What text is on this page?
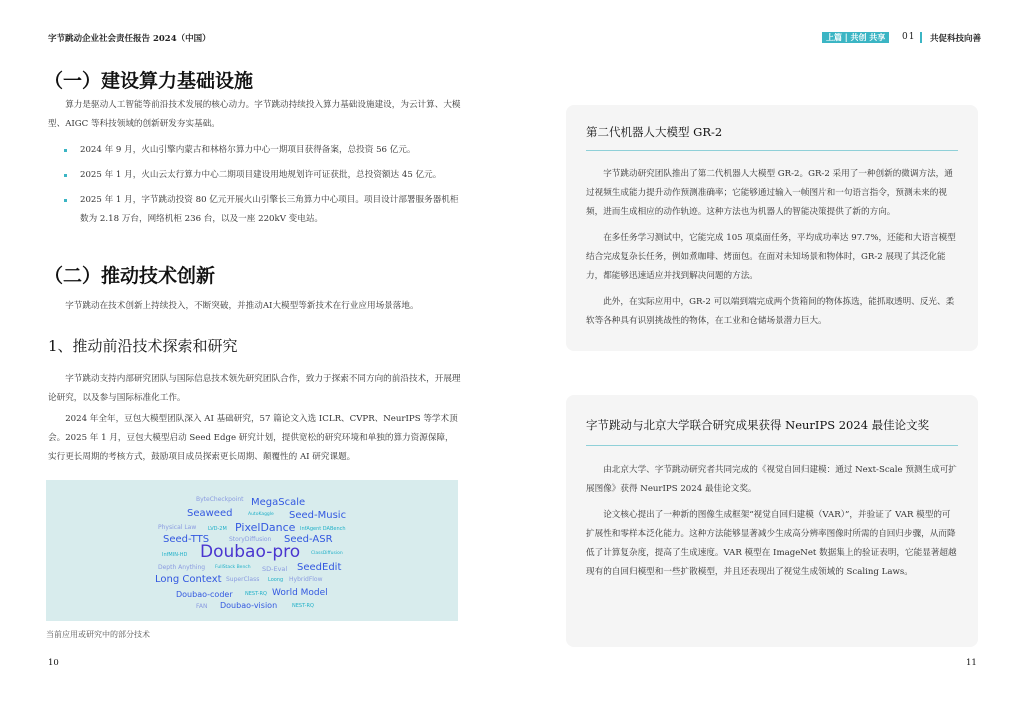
字节跳动企业社会责任报告 2024（中国）
（一）建设算力基础设施

算力是驱动人工智能等前沿技术发展的核心动力。字节跳动持续投入算力基础设施建设，为云计算、大模型、AIGC 等科技领域的创新研发夯实基础。

2024 年 9 月，火山引擎内蒙古和林格尔算力中心一期项目获得备案，总投资 56 亿元。

2025 年 1 月，火山云太行算力中心二期项目建设用地规划许可证获批，总投资额达 45 亿元。

2025 年 1 月，字节跳动投资 80 亿元开展火山引擎长三角算力中心项目。项目设计部署服务器机柜数为 2.18 万台，网络机柜 236 台，以及一座 220kV 变电站。

（二）推动技术创新

字节跳动在技术创新上持续投入，不断突破，并推动AI大模型等新技术在行业应用场景落地。

1、推动前沿技术探索和研究

字节跳动支持内部研究团队与国际信息技术领先研究团队合作，致力于探索不同方向的前沿技术，开展理论研究，以及参与国际标准化工作。

2024 年全年，豆包大模型团队深入 AI 基础研究，57 篇论文入选 ICLR、CVPR、NeurIPS 等学术顶会。2025 年 1 月，豆包大模型启动 Seed Edge 研究计划，提供宽松的研究环境和单独的算力资源保障，实行更长周期的考核方式，鼓励项目成员探索更长周期、颠覆性的 AI 研究课题。

ByteCheckpoint MegaScale
Seaweed	AutoKaggle Seed-Music
Physical Law LVD-2M PixelDance InfAgent DABench
Seed-TTS	StoryDiffusion Seed-ASR
InfMIN-HD Doubao-pro ClassDiffusion
Depth Anything FullStack Bench SD-Eval SeedEdit
Long Context SuperClass Loong HybridFlow
Doubao-coder NEST-RQ World Model
FAN Doubao-vision	NEST-RQ
当前应用或研究中的部分技术
10
上篇 | 共创 共享	01 共促科技向善
第二代机器人大模型 GR-2

字节跳动研究团队推出了第二代机器人大模型 GR-2。GR-2 采用了一种创新的微调方法，通过视频生成能力提升动作预测准确率；它能够通过输入一帧图片和一句语言指令，预测未来的视频，进而生成相应的动作轨迹。这种方法也为机器人的智能决策提供了新的方向。

在多任务学习测试中，它能完成 105 项桌面任务，平均成功率达 97.7%，还能和大语言模型结合完成复杂长任务，例如煮咖啡、烤面包。在面对未知场景和物体时，GR-2 展现了其泛化能力，都能够迅速适应并找到解决问题的方法。

此外，在实际应用中，GR-2 可以端到端完成两个货箱间的物体拣选，能抓取透明、反光、柔软等各种具有识别挑战性的物体，在工业和仓储场景潜力巨大。

字节跳动与北京大学联合研究成果获得 NeurIPS 2024 最佳论文奖

由北京大学、字节跳动研究者共同完成的《视觉自回归建模：通过 Next-Scale 预测生成可扩展图像》获得 NeurIPS 2024 最佳论文奖。

论文核心提出了一种新的图像生成框架“视觉自回归建模（VAR）”，并验证了 VAR 模型的可扩展性和零样本泛化能力。这种方法能够显著减少生成高分辨率图像时所需的自回归步骤，从而降低了计算复杂度，提高了生成速度。VAR 模型在 ImageNet 数据集上的验证表明，它能显著超越现有的自回归模型和一些扩散模型，并且还表现出了视觉生成领域的 Scaling Laws。

11
